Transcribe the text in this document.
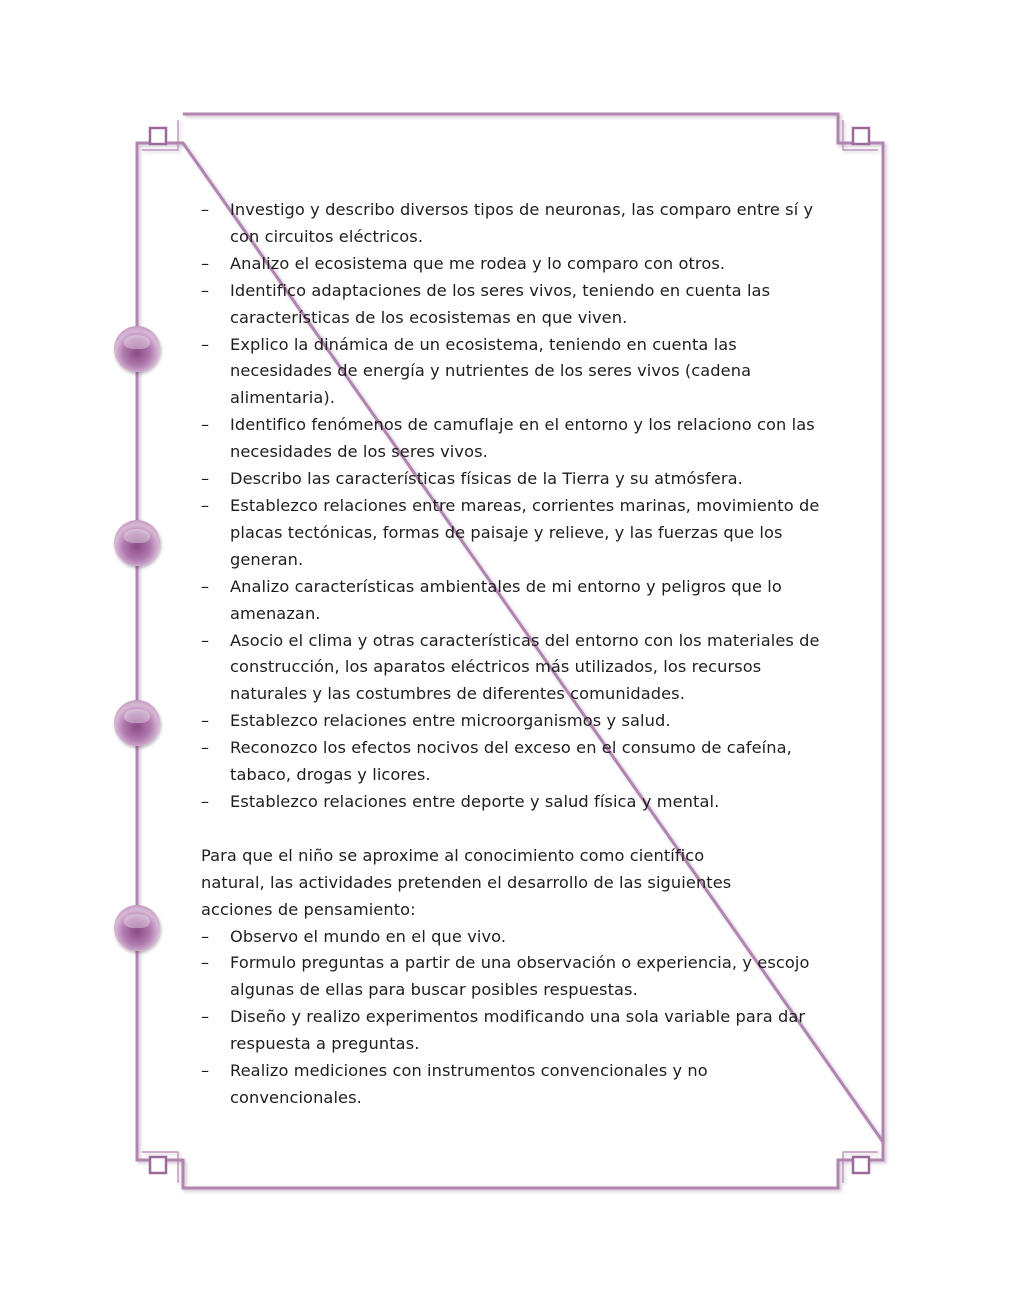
– Investigo y describo diversos tipos de neuronas, las comparo entre sí y con circuitos eléctricos.
– Analizo el ecosistema que me rodea y lo comparo con otros.
– Identifico adaptaciones de los seres vivos, teniendo en cuenta las características de los ecosistemas en que viven.
– Explico la dinámica de un ecosistema, teniendo en cuenta las necesidades de energía y nutrientes de los seres vivos (cadena alimentaria).
– Identifico fenómenos de camuflaje en el entorno y los relaciono con las necesidades de los seres vivos.
– Describo las características físicas de la Tierra y su atmósfera.
– Establezco relaciones entre mareas, corrientes marinas, movimiento de placas tectónicas, formas de paisaje y relieve, y las fuerzas que los generan.
– Analizo características ambientales de mi entorno y peligros que lo amenazan.
– Asocio el clima y otras características del entorno con los materiales de construcción, los aparatos eléctricos más utilizados, los recursos naturales y las costumbres de diferentes comunidades.
– Establezco relaciones entre microorganismos y salud.
– Reconozco los efectos nocivos del exceso en el consumo de cafeína, tabaco, drogas y licores.
– Establezco relaciones entre deporte y salud física y mental.

Para que el niño se aproxime al conocimiento como científico natural, las actividades pretenden el desarrollo de las siguientes acciones de pensamiento:

– Observo el mundo en el que vivo.
– Formulo preguntas a partir de una observación o experiencia, y escojo algunas de ellas para buscar posibles respuestas.
– Diseño y realizo experimentos modificando una sola variable para dar respuesta a preguntas.
– Realizo mediciones con instrumentos convencionales y no convencionales.
